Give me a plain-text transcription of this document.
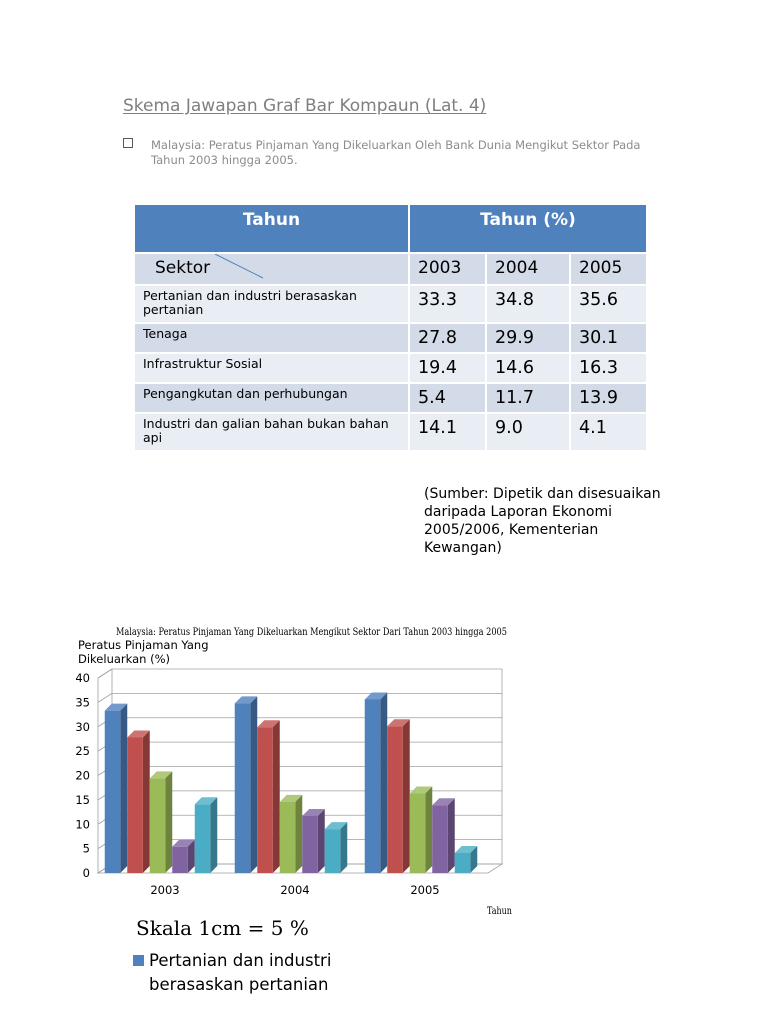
Skema Jawapan Graf Bar Kompaun (Lat. 4)
Malaysia: Peratus Pinjaman Yang Dikeluarkan Oleh Bank Dunia Mengikut Sektor Pada Tahun 2003 hingga 2005.
Tahun	Tahun (%)		
Sektor	2003	2004	2005
Pertanian dan industri berasaskan pertanian	33.3	34.8	35.6
Tenaga	27.8	29.9	30.1
Infrastruktur Sosial	19.4	14.6	16.3
Pengangkutan dan perhubungan	5.4	11.7	13.9
Industri dan galian bahan bukan bahan api	14.1	9.0	4.1
(Sumber: Dipetik dan disesuaikan daripada Laporan Ekonomi 2005/2006, Kementerian Kewangan)
Malaysia: Peratus Pinjaman Yang Dikeluarkan Mengikut Sektor Dari Tahun 2003 hingga 2005
Peratus Pinjaman Yang Dikeluarkan (%)
0
5
10
15
20
25
30
35
40
2003	2004	2005
Tahun
Skala 1cm = 5 %
Pertanian dan industri berasaskan pertanian
